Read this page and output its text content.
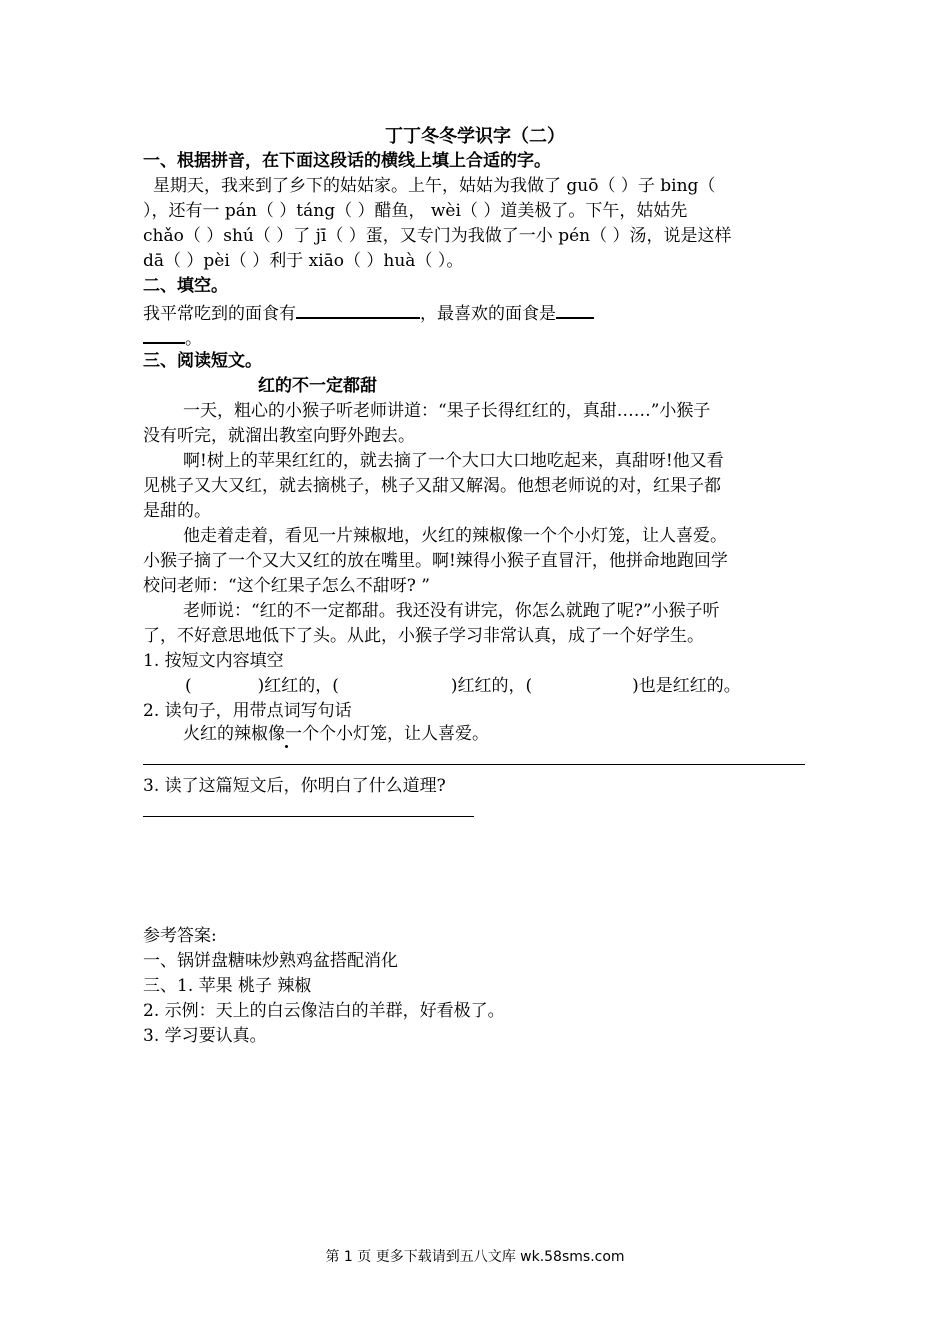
丁丁冬冬学识字（二）
一、根据拼音，在下面这段话的横线上填上合适的字。
星期天，我来到了乡下的姑姑家。上午，姑姑为我做了 guō（ ）子 bing（
），还有一 pán（ ）táng（ ）醋鱼， wèi（ ）道美极了。下午，姑姑先
chǎo（ ）shú（ ）了 jī（ ）蛋，又专门为我做了一小 pén（ ）汤，说是这样
dā（ ）pèi（ ）利于 xiāo（ ）huà（ ）。
二、填空。
我平常吃到的面食有	，最喜欢的面食是
。
三、阅读短文。
红的不一定都甜
一天，粗心的小猴子听老师讲道：“果子长得红红的，真甜……”小猴子
没有听完，就溜出教室向野外跑去。
啊!树上的苹果红红的，就去摘了一个大口大口地吃起来，真甜呀!他又看
见桃子又大又红，就去摘桃子，桃子又甜又解渴。他想老师说的对，红果子都
是甜的。
他走着走着，看见一片辣椒地，火红的辣椒像一个个小灯笼，让人喜爱。
小猴子摘了一个又大又红的放在嘴里。啊!辣得小猴子直冒汗，他拼命地跑回学
校问老师：“这个红果子怎么不甜呀? ”
老师说：“红的不一定都甜。我还没有讲完，你怎么就跑了呢?”小猴子听
了，不好意思地低下了头。从此，小猴子学习非常认真，成了一个好学生。
1. 按短文内容填空
(	)红红的，(	)红红的，(	)也是红红的。
2. 读句子，用带点词写句话
火红的辣椒像一个个小灯笼，让人喜爱。
3. 读了这篇短文后，你明白了什么道理?
参考答案:
一、锅饼盘糖味炒熟鸡盆搭配消化
三、1. 苹果 桃子 辣椒
2. 示例：天上的白云像洁白的羊群，好看极了。
3. 学习要认真。
第 1 页 更多下载请到五八文库 wk.58sms.com
